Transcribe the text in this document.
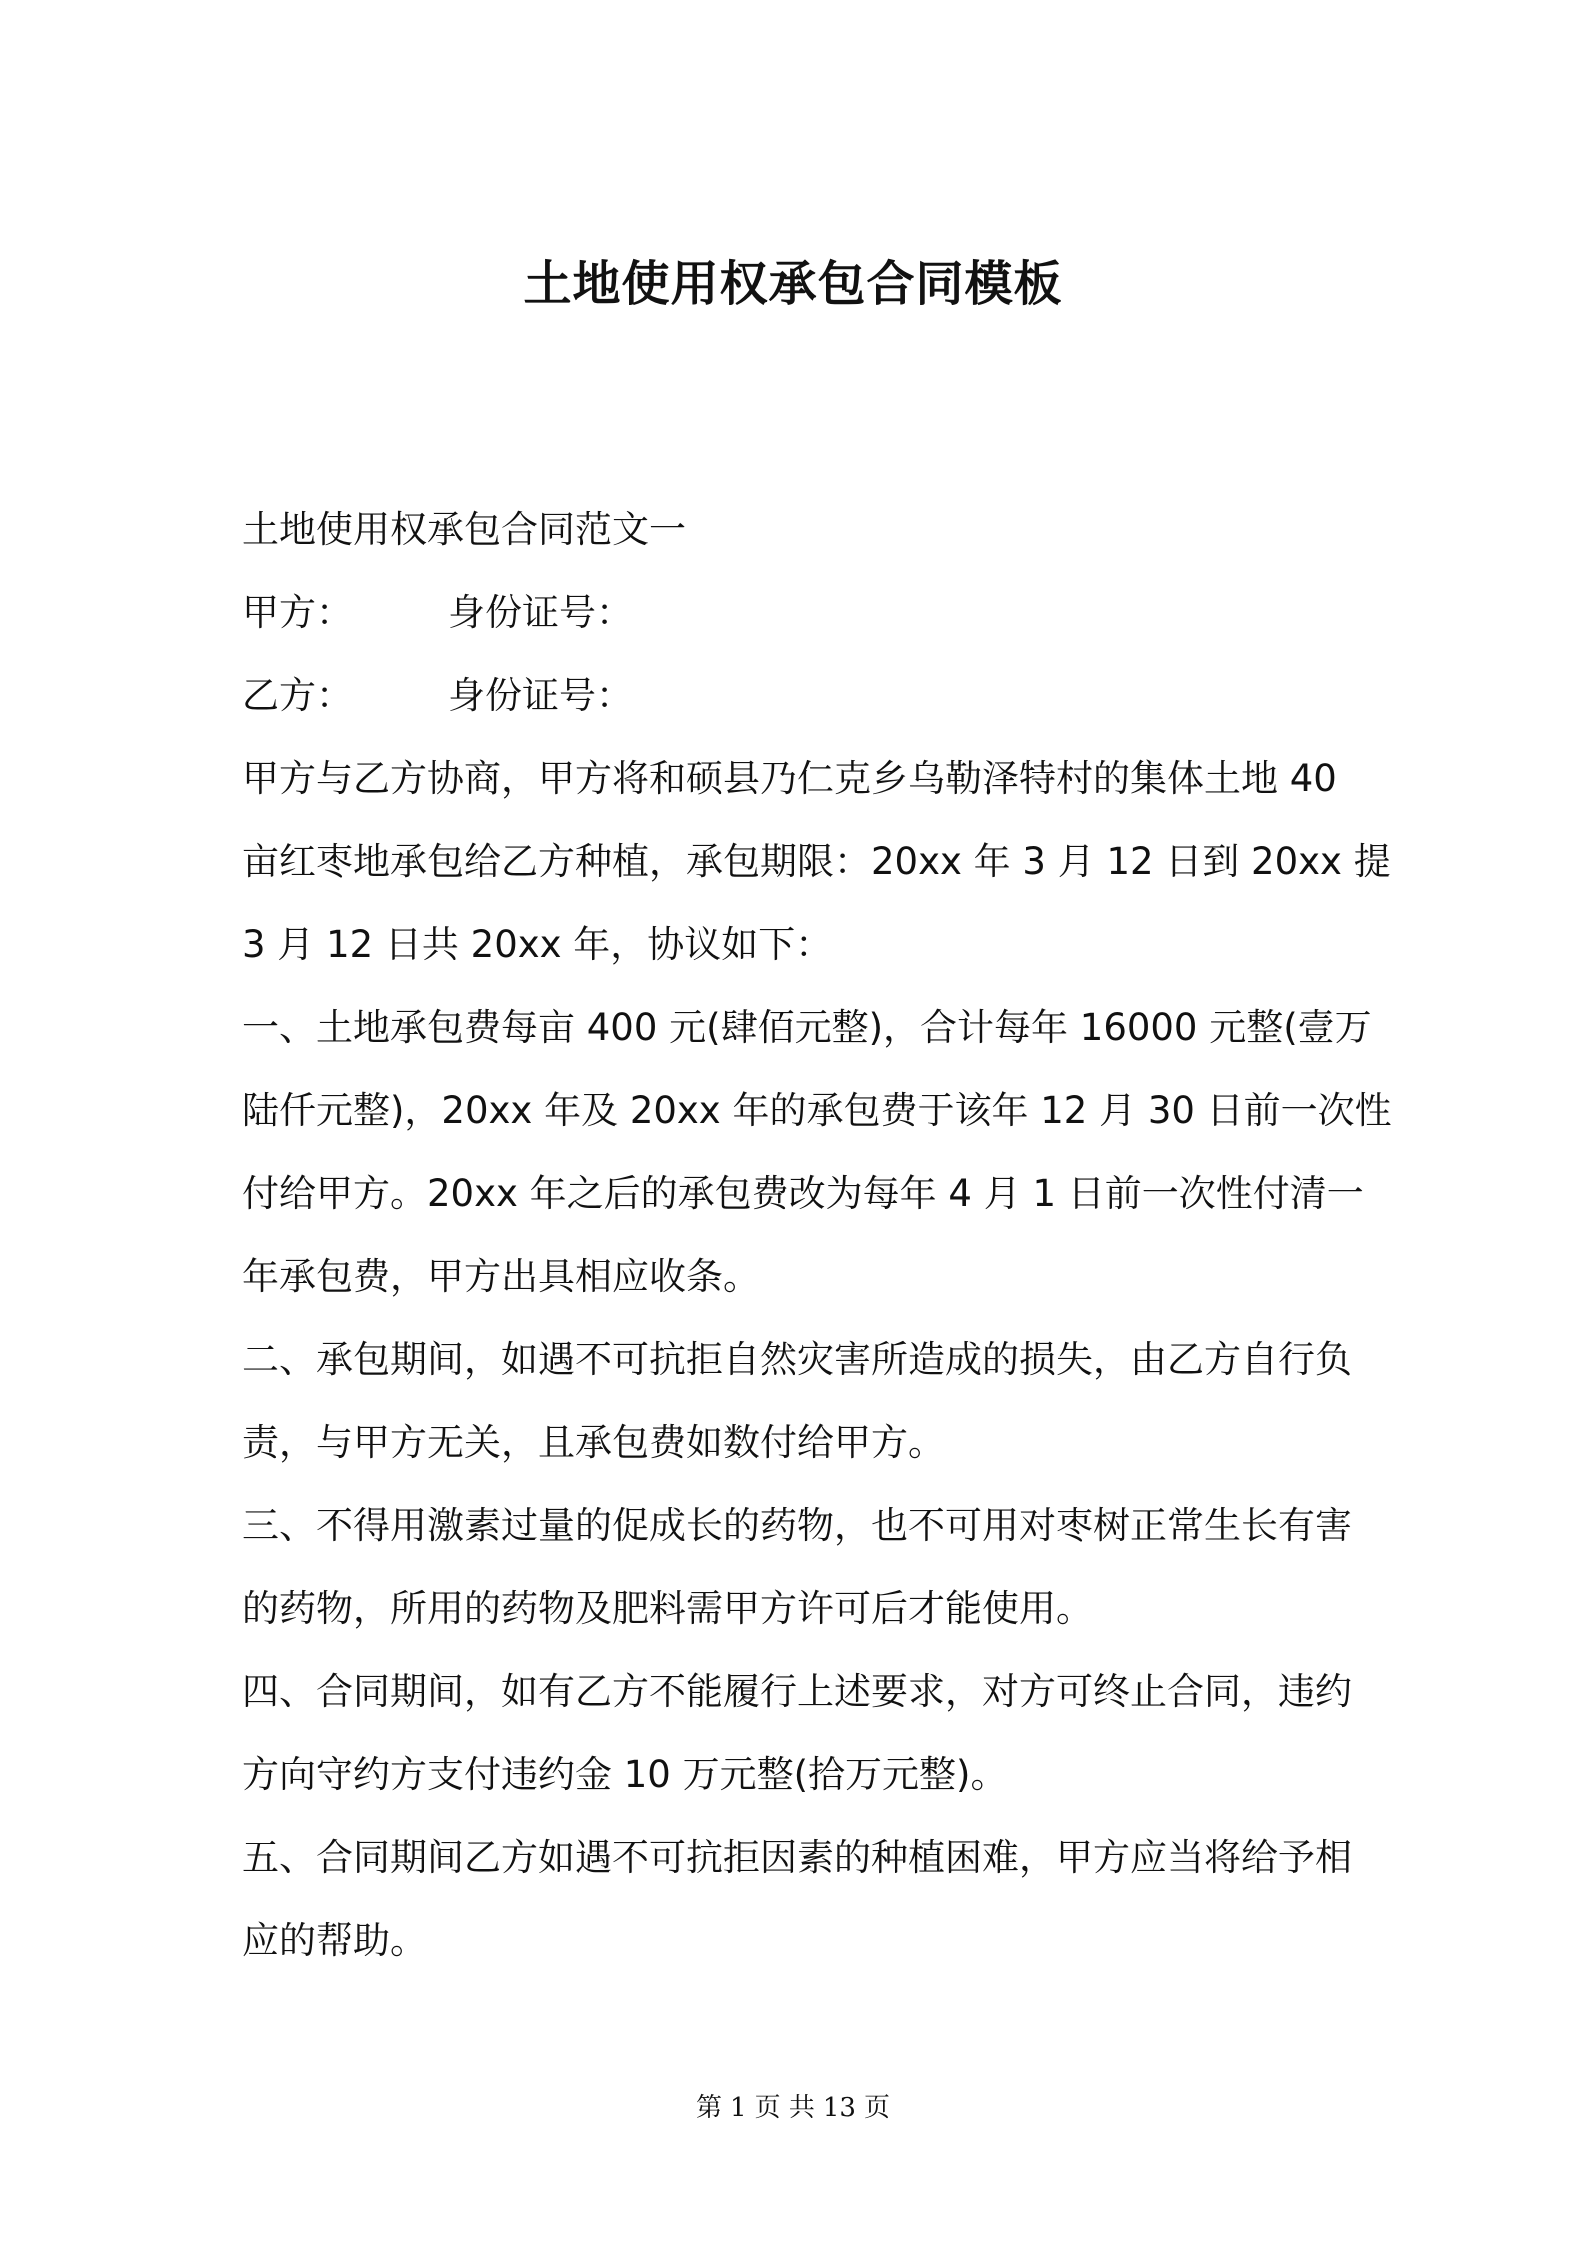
土地使用权承包合同模板
土地使用权承包合同范文一
甲方：	身份证号：
乙方：	身份证号：
甲方与乙方协商，甲方将和硕县乃仁克乡乌勒泽特村的集体土地 40
亩红枣地承包给乙方种植，承包期限：20xx 年 3 月 12 日到 20xx 提
3 月 12 日共 20xx 年，协议如下：
一、土地承包费每亩 400 元(肆佰元整)，合计每年 16000 元整(壹万
陆仟元整)，20xx 年及 20xx 年的承包费于该年 12 月 30 日前一次性
付给甲方。20xx 年之后的承包费改为每年 4 月 1 日前一次性付清一
年承包费，甲方出具相应收条。
二、承包期间，如遇不可抗拒自然灾害所造成的损失，由乙方自行负
责，与甲方无关，且承包费如数付给甲方。
三、不得用激素过量的促成长的药物，也不可用对枣树正常生长有害
的药物，所用的药物及肥料需甲方许可后才能使用。
四、合同期间，如有乙方不能履行上述要求，对方可终止合同，违约
方向守约方支付违约金 10 万元整(拾万元整)。
五、合同期间乙方如遇不可抗拒因素的种植困难，甲方应当将给予相
应的帮助。
第 1 页 共 13 页
